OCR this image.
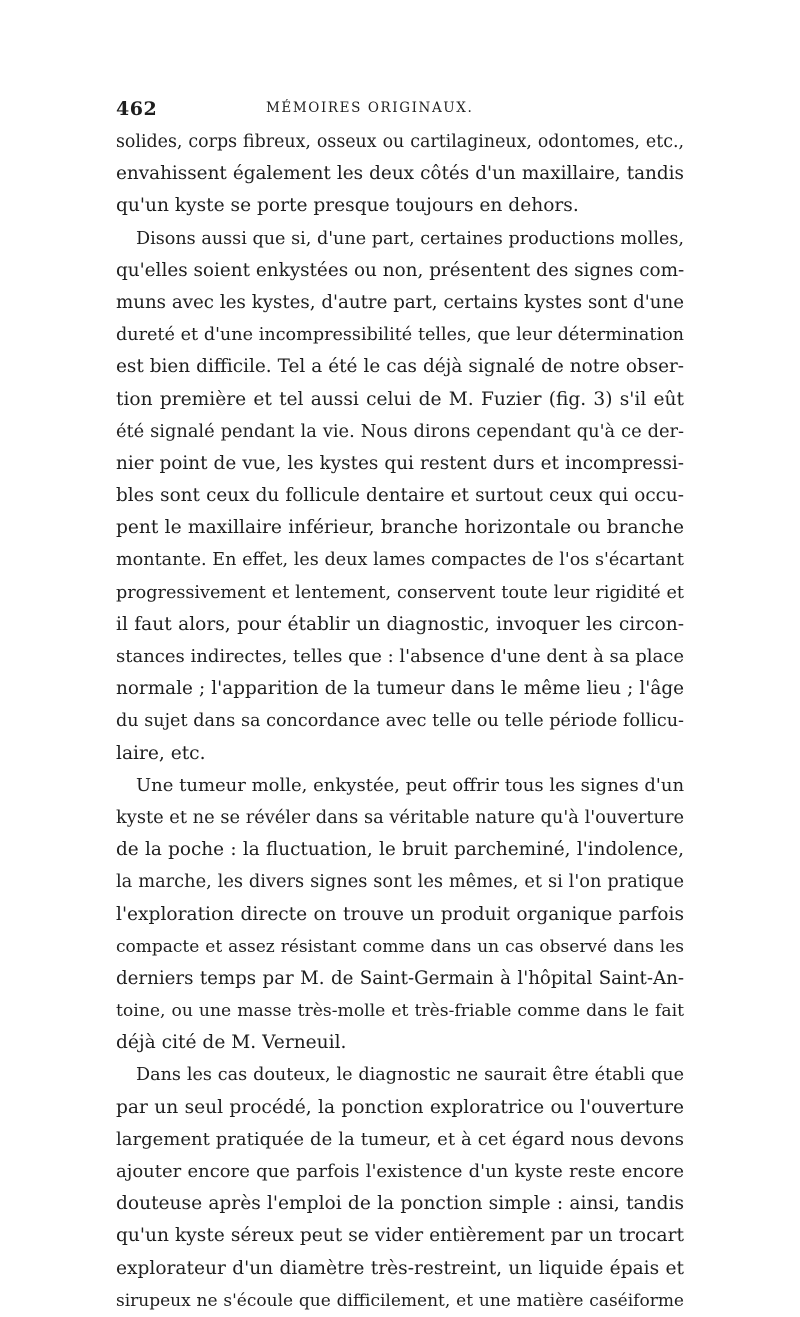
462	MÉMOIRES ORIGINAUX.
solides, corps fibreux, osseux ou cartilagineux, odontomes, etc.,
envahissent également les deux côtés d'un maxillaire, tandis
qu'un kyste se porte presque toujours en dehors.
Disons aussi que si, d'une part, certaines productions molles,
qu'elles soient enkystées ou non, présentent des signes com-
muns avec les kystes, d'autre part, certains kystes sont d'une
dureté et d'une incompressibilité telles, que leur détermination
est bien difficile. Tel a été le cas déjà signalé de notre obser-
tion première et tel aussi celui de M. Fuzier (fig. 3) s'il eût
été signalé pendant la vie. Nous dirons cependant qu'à ce der-
nier point de vue, les kystes qui restent durs et incompressi-
bles sont ceux du follicule dentaire et surtout ceux qui occu-
pent le maxillaire inférieur, branche horizontale ou branche
montante. En effet, les deux lames compactes de l'os s'écartant
progressivement et lentement, conservent toute leur rigidité et
il faut alors, pour établir un diagnostic, invoquer les circon-
stances indirectes, telles que : l'absence d'une dent à sa place
normale ; l'apparition de la tumeur dans le même lieu ; l'âge
du sujet dans sa concordance avec telle ou telle période follicu-
laire, etc.
Une tumeur molle, enkystée, peut offrir tous les signes d'un
kyste et ne se révéler dans sa véritable nature qu'à l'ouverture
de la poche : la fluctuation, le bruit parcheminé, l'indolence,
la marche, les divers signes sont les mêmes, et si l'on pratique
l'exploration directe on trouve un produit organique parfois
compacte et assez résistant comme dans un cas observé dans les
derniers temps par M. de Saint-Germain à l'hôpital Saint-An-
toine, ou une masse très-molle et très-friable comme dans le fait
déjà cité de M. Verneuil.
Dans les cas douteux, le diagnostic ne saurait être établi que
par un seul procédé, la ponction exploratrice ou l'ouverture
largement pratiquée de la tumeur, et à cet égard nous devons
ajouter encore que parfois l'existence d'un kyste reste encore
douteuse après l'emploi de la ponction simple : ainsi, tandis
qu'un kyste séreux peut se vider entièrement par un trocart
explorateur d'un diamètre très-restreint, un liquide épais et
sirupeux ne s'écoule que difficilement, et une matière caséiforme
